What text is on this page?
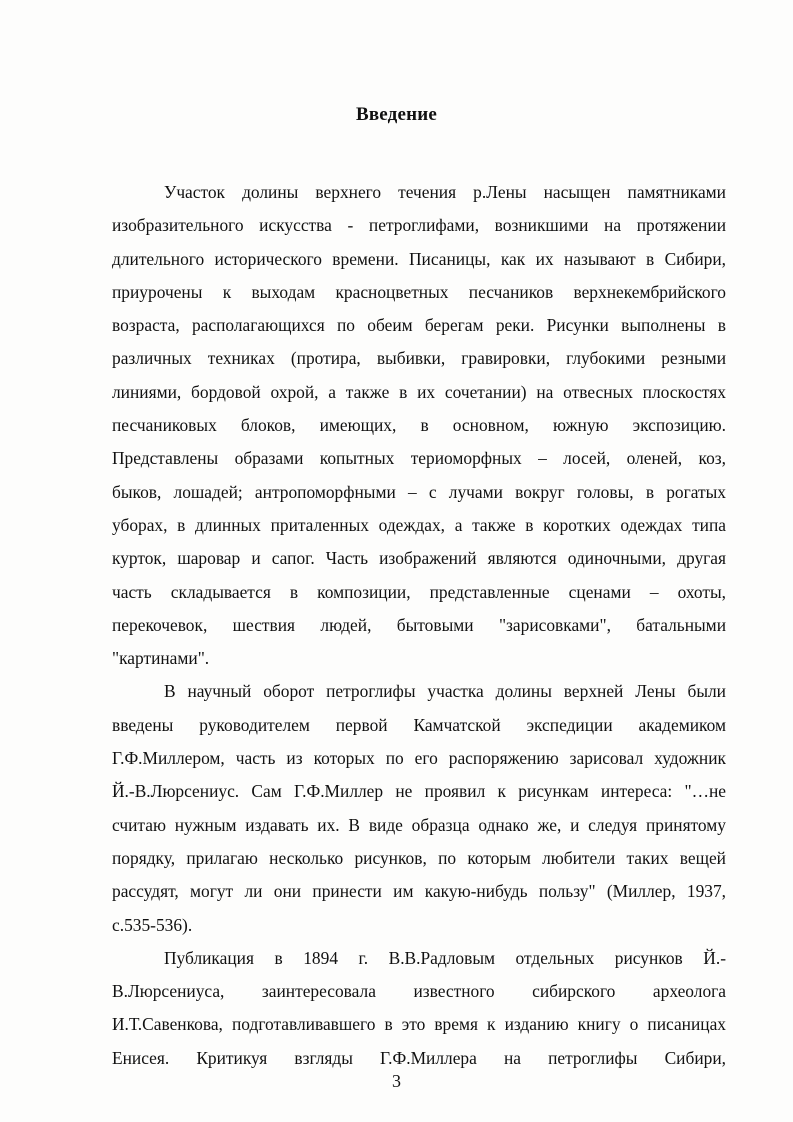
Введение
Участок долины верхнего течения р.Лены насыщен памятниками
изобразительного искусства - петроглифами, возникшими на протяжении
длительного исторического времени. Писаницы, как их называют в Сибири,
приурочены к выходам красноцветных песчаников верхнекембрийского
возраста, располагающихся по обеим берегам реки. Рисунки выполнены в
различных техниках (протира, выбивки, гравировки, глубокими резными
линиями, бордовой охрой, а также в их сочетании) на отвесных плоскостях
песчаниковых блоков, имеющих, в основном, южную экспозицию.
Представлены образами копытных териоморфных – лосей, оленей, коз,
быков, лошадей; антропоморфными – с лучами вокруг головы, в рогатых
уборах, в длинных приталенных одеждах, а также в коротких одеждах типа
курток, шаровар и сапог. Часть изображений являются одиночными, другая
часть складывается в композиции, представленные сценами – охоты,
перекочевок, шествия людей, бытовыми "зарисовками", батальными
"картинами".
В научный оборот петроглифы участка долины верхней Лены были
введены руководителем первой Камчатской экспедиции академиком
Г.Ф.Миллером, часть из которых по его распоряжению зарисовал художник
Й.-В.Люрсениус. Сам Г.Ф.Миллер не проявил к рисункам интереса: "…не
считаю нужным издавать их. В виде образца однако же, и следуя принятому
порядку, прилагаю несколько рисунков, по которым любители таких вещей
рассудят, могут ли они принести им какую-нибудь пользу" (Миллер, 1937,
с.535-536).
Публикация в 1894 г. В.В.Радловым отдельных рисунков Й.-
В.Люрсениуса, заинтересовала известного сибирского археолога
И.Т.Савенкова, подготавливавшего в это время к изданию книгу о писаницах
Енисея. Критикуя взгляды Г.Ф.Миллера на петроглифы Сибири,
3
